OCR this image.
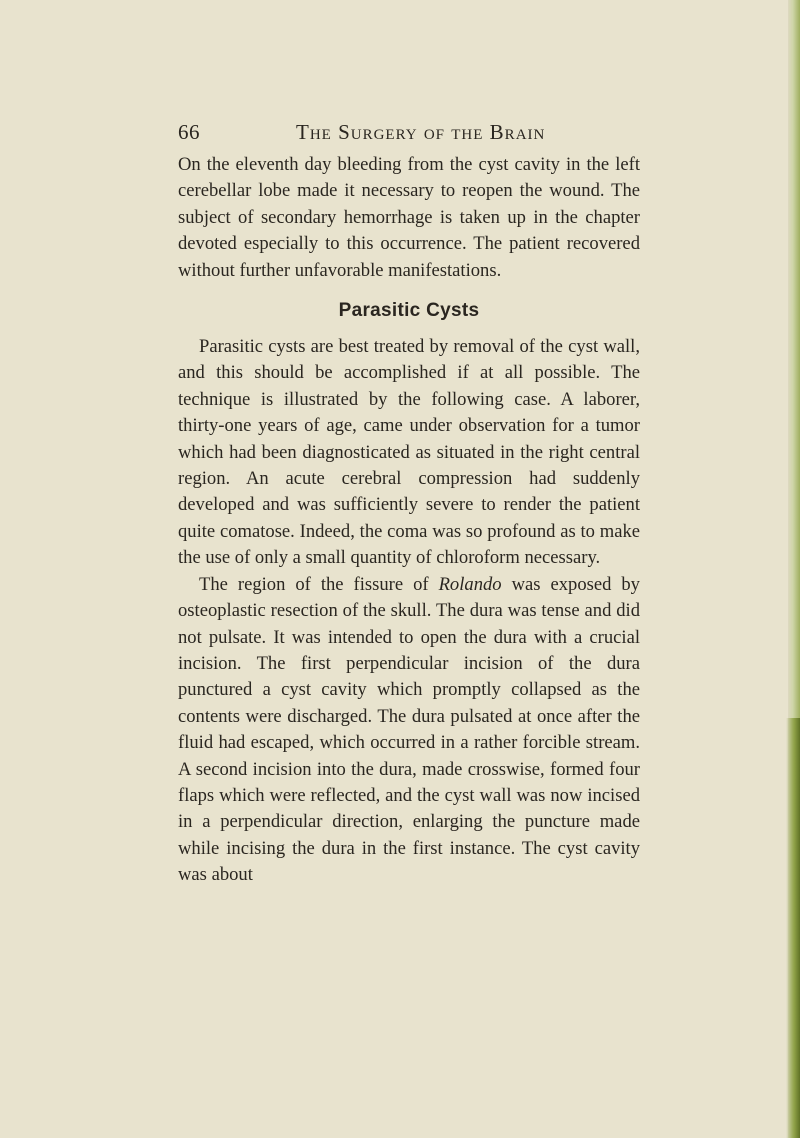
66	The Surgery of the Brain

On the eleventh day bleeding from the cyst cavity in the left cerebellar lobe made it necessary to reopen the wound. The subject of secondary hemorrhage is taken up in the chapter devoted especially to this occurrence. The patient recovered without further unfavorable manifestations.

Parasitic Cysts

Parasitic cysts are best treated by removal of the cyst wall, and this should be accomplished if at all possible. The technique is illustrated by the following case. A laborer, thirty-one years of age, came under observation for a tumor which had been diagnosticated as situated in the right central region. An acute cerebral compression had suddenly developed and was sufficiently severe to render the patient quite comatose. Indeed, the coma was so profound as to make the use of only a small quantity of chloroform necessary.

The region of the fissure of Rolando was exposed by osteoplastic resection of the skull. The dura was tense and did not pulsate. It was intended to open the dura with a crucial incision. The first perpendicular incision of the dura punctured a cyst cavity which promptly collapsed as the contents were discharged. The dura pulsated at once after the fluid had escaped, which occurred in a rather forcible stream. A second incision into the dura, made crosswise, formed four flaps which were reflected, and the cyst wall was now incised in a perpendicular direction, enlarging the puncture made while incising the dura in the first instance. The cyst cavity was about
